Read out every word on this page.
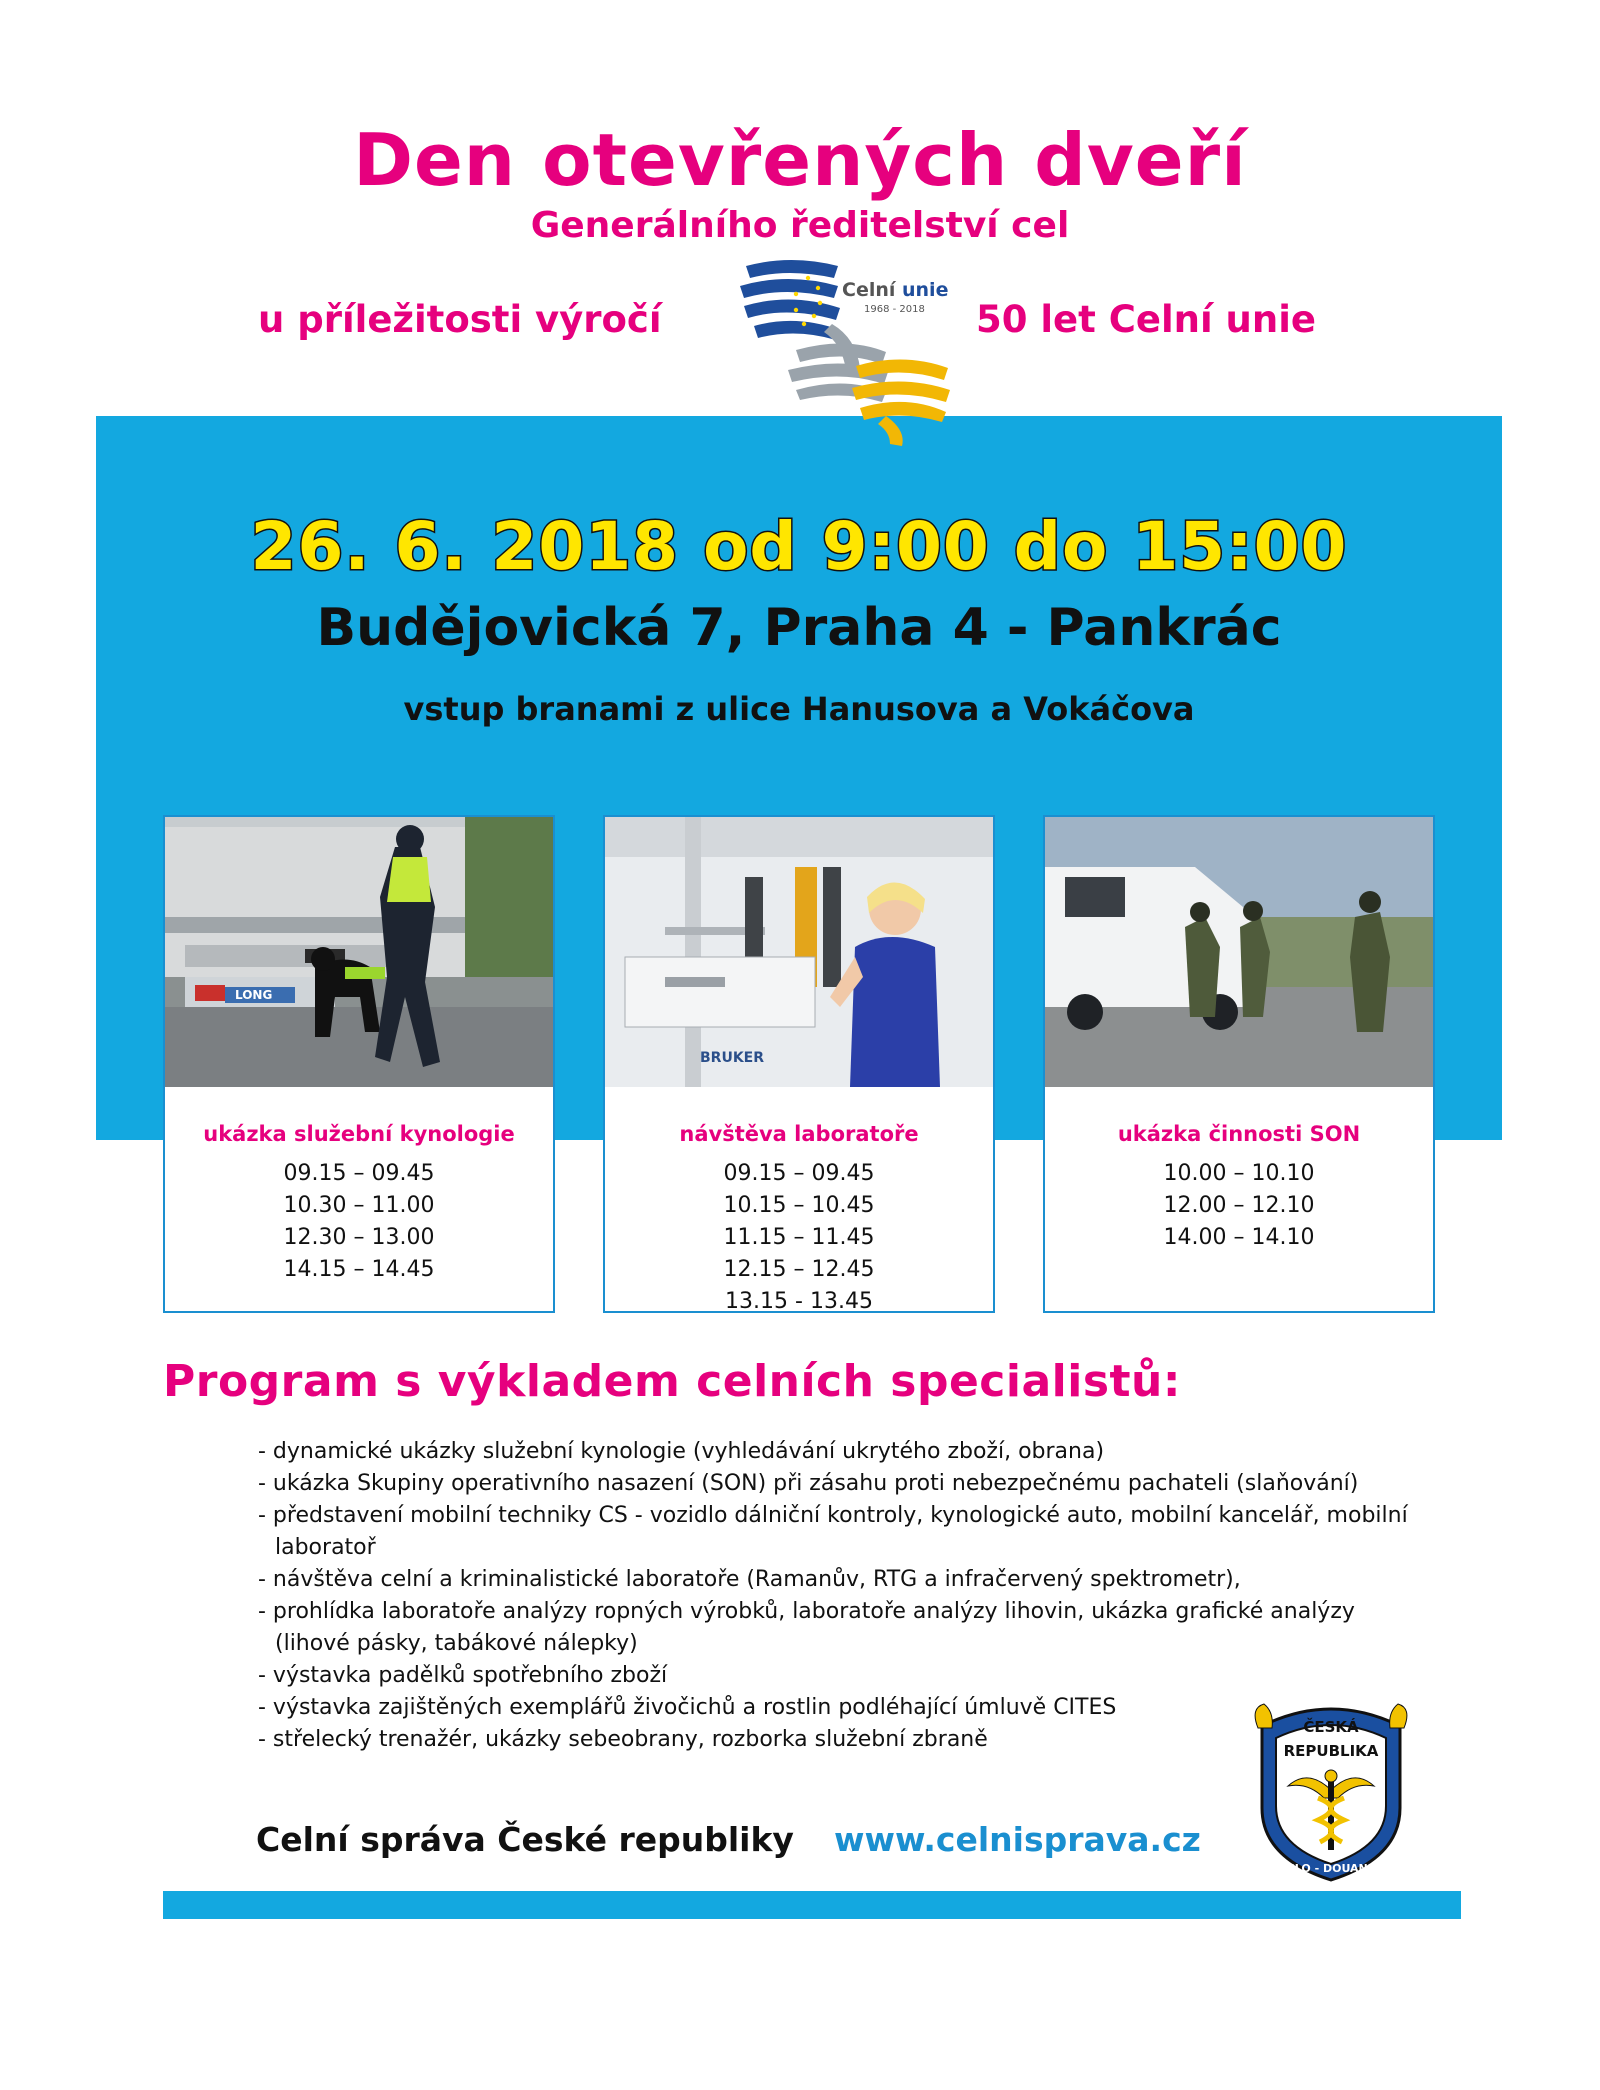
Den otevřených dveří
Generálního ředitelství cel
u příležitosti výročí	50 let Celní unie
Celní unie
1968 - 2018
26. 6. 2018 od 9:00 do 15:00
Budějovická 7, Praha 4 - Pankrác
vstup branami z ulice Hanusova a Vokáčova
LONG
ukázka služební kynologie
09.15 – 09.45
10.30 – 11.00
12.30 – 13.00
14.15 – 14.45
BRUKER
návštěva laboratoře
09.15 – 09.45
10.15 – 10.45
11.15 – 11.45
12.15 – 12.45
13.15 - 13.45
ukázka činnosti SON
10.00 – 10.10
12.00 – 12.10
14.00 – 14.10
Program s výkladem celních specialistů:
- dynamické ukázky služební kynologie (vyhledávání ukrytého zboží, obrana)
- ukázka Skupiny operativního nasazení (SON) při zásahu proti nebezpečnému pachateli (slaňování)
- představení mobilní techniky CS - vozidlo dálniční kontroly, kynologické auto, mobilní kancelář, mobilní laboratoř
- návštěva celní a kriminalistické laboratoře (Ramanův, RTG a infračervený spektrometr),
- prohlídka laboratoře analýzy ropných výrobků, laboratoře analýzy lihovin, ukázka grafické analýzy (lihové pásky, tabákové nálepky)
- výstavka padělků spotřebního zboží
- výstavka zajištěných exemplářů živočichů a rostlin podléhající úmluvě CITES
- střelecký trenažér, ukázky sebeobrany, rozborka služební zbraně	ČESKÁ
REPUBLIKA
CLO - DOUANE
Celní správa České republiky www.celnisprava.cz
